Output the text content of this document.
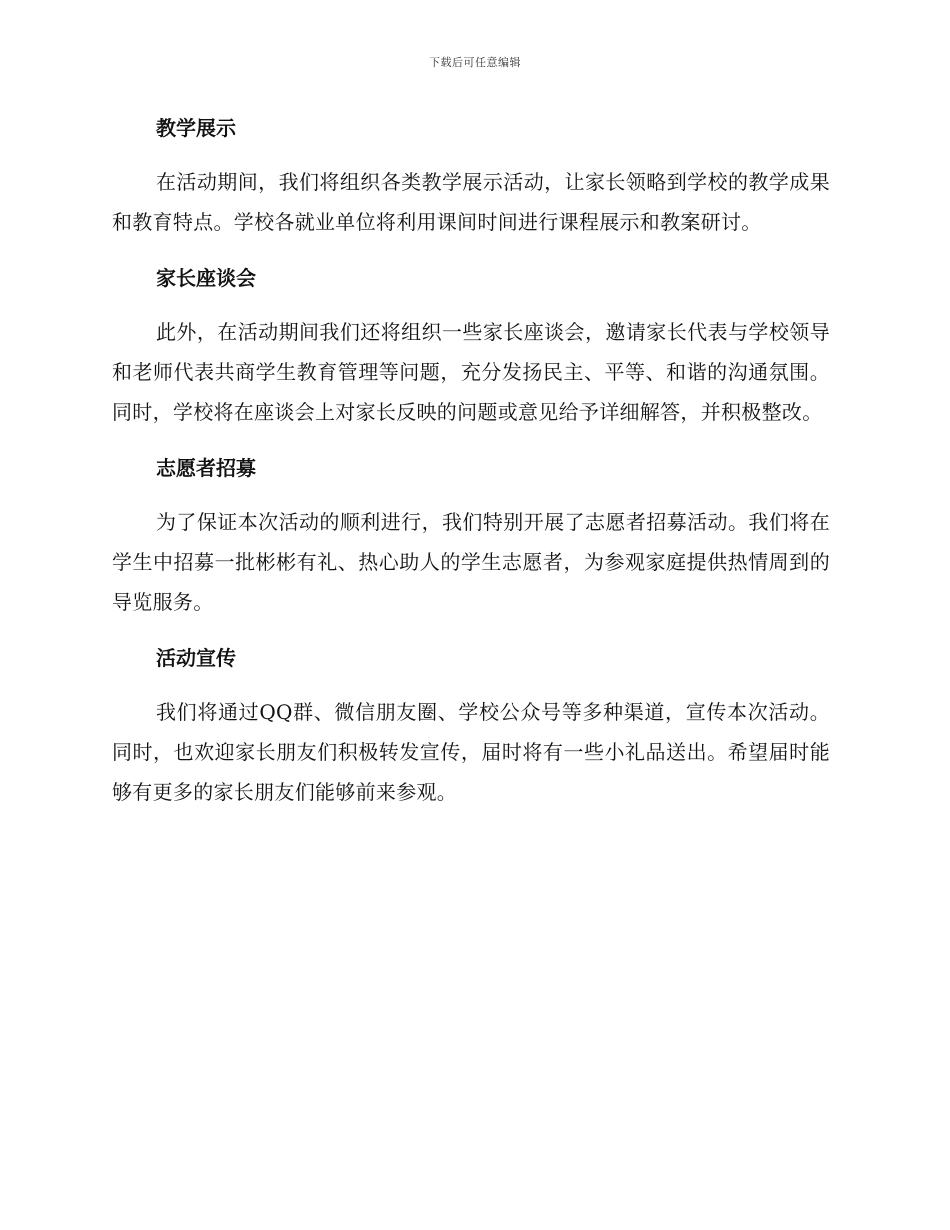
下载后可任意编辑
教学展示

在活动期间，我们将组织各类教学展示活动，让家长领略到学校的教学成果和教育特点。学校各就业单位将利用课间时间进行课程展示和教案研讨。

家长座谈会

此外，在活动期间我们还将组织一些家长座谈会，邀请家长代表与学校领导和老师代表共商学生教育管理等问题，充分发扬民主、平等、和谐的沟通氛围。同时，学校将在座谈会上对家长反映的问题或意见给予详细解答，并积极整改。

志愿者招募

为了保证本次活动的顺利进行，我们特别开展了志愿者招募活动。我们将在学生中招募一批彬彬有礼、热心助人的学生志愿者，为参观家庭提供热情周到的导览服务。

活动宣传

我们将通过QQ群、微信朋友圈、学校公众号等多种渠道，宣传本次活动。同时，也欢迎家长朋友们积极转发宣传，届时将有一些小礼品送出。希望届时能够有更多的家长朋友们能够前来参观。
